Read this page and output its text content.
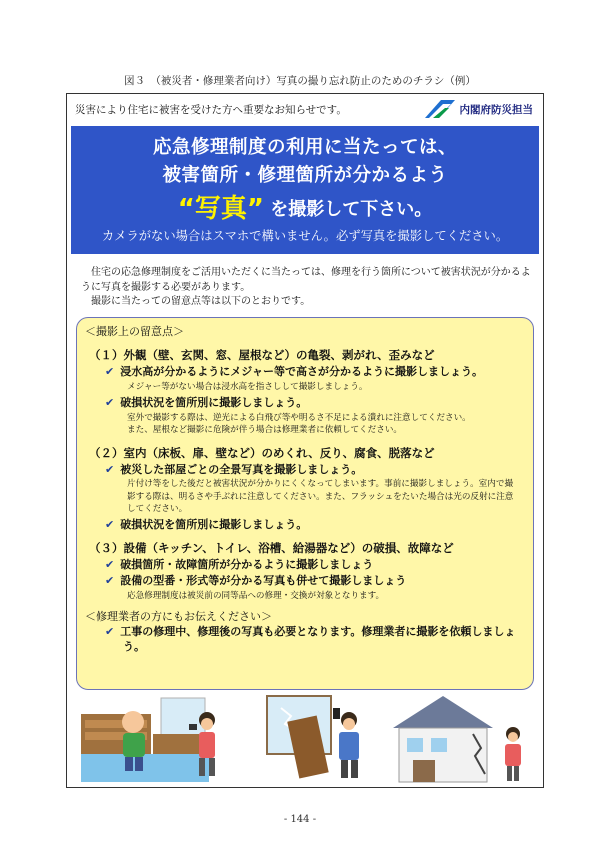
図３　（被災者・修理業者向け）写真の撮り忘れ防止のためのチラシ（例）
災害により住宅に被害を受けた方へ重要なお知らせです。	内閣府防災担当
応急修理制度の利用に当たっては、
被害箇所・修理箇所が分かるよう
“写真” を撮影して下さい。
カメラがない場合はスマホで構いません。必ず写真を撮影してください。

住宅の応急修理制度をご活用いただくに当たっては、修理を行う箇所について被害状況が分かるように写真を撮影する必要があります。

撮影に当たっての留意点等は以下のとおりです。

＜撮影上の留意点＞
（１）外観（壁、玄関、窓、屋根など）の亀裂、剥がれ、歪みなど
✔ 浸水高が分かるようにメジャー等で高さが分かるように撮影しましょう。
メジャー等がない場合は浸水高を指さしして撮影しましょう。
✔ 破損状況を箇所別に撮影しましょう。
室外で撮影する際は、逆光による白飛び等や明るさ不足による潰れに注意してください。
また、屋根など撮影に危険が伴う場合は修理業者に依頼してください。
（２）室内（床板、扉、壁など）のめくれ、反り、腐食、脱落など
✔ 被災した部屋ごとの全景写真を撮影しましょう。
片付け等をした後だと被害状況が分かりにくくなってしまいます。事前に撮影しましょう。室内で撮影する際は、明るさや手ぶれに注意してください。また、フラッシュをたいた場合は光の反射に注意してください。
✔ 破損状況を箇所別に撮影しましょう。
（３）設備（キッチン、トイレ、浴槽、給湯器など）の破損、故障など
✔ 破損箇所・故障箇所が分かるように撮影しましょう
✔ 設備の型番・形式等が分かる写真も併せて撮影しましょう
応急修理制度は被災前の同等品への修理・交換が対象となります。
＜修理業者の方にもお伝えください＞
✔ 工事の修理中、修理後の写真も必要となります。修理業者に撮影を依頼しましょう。
- 144 -
